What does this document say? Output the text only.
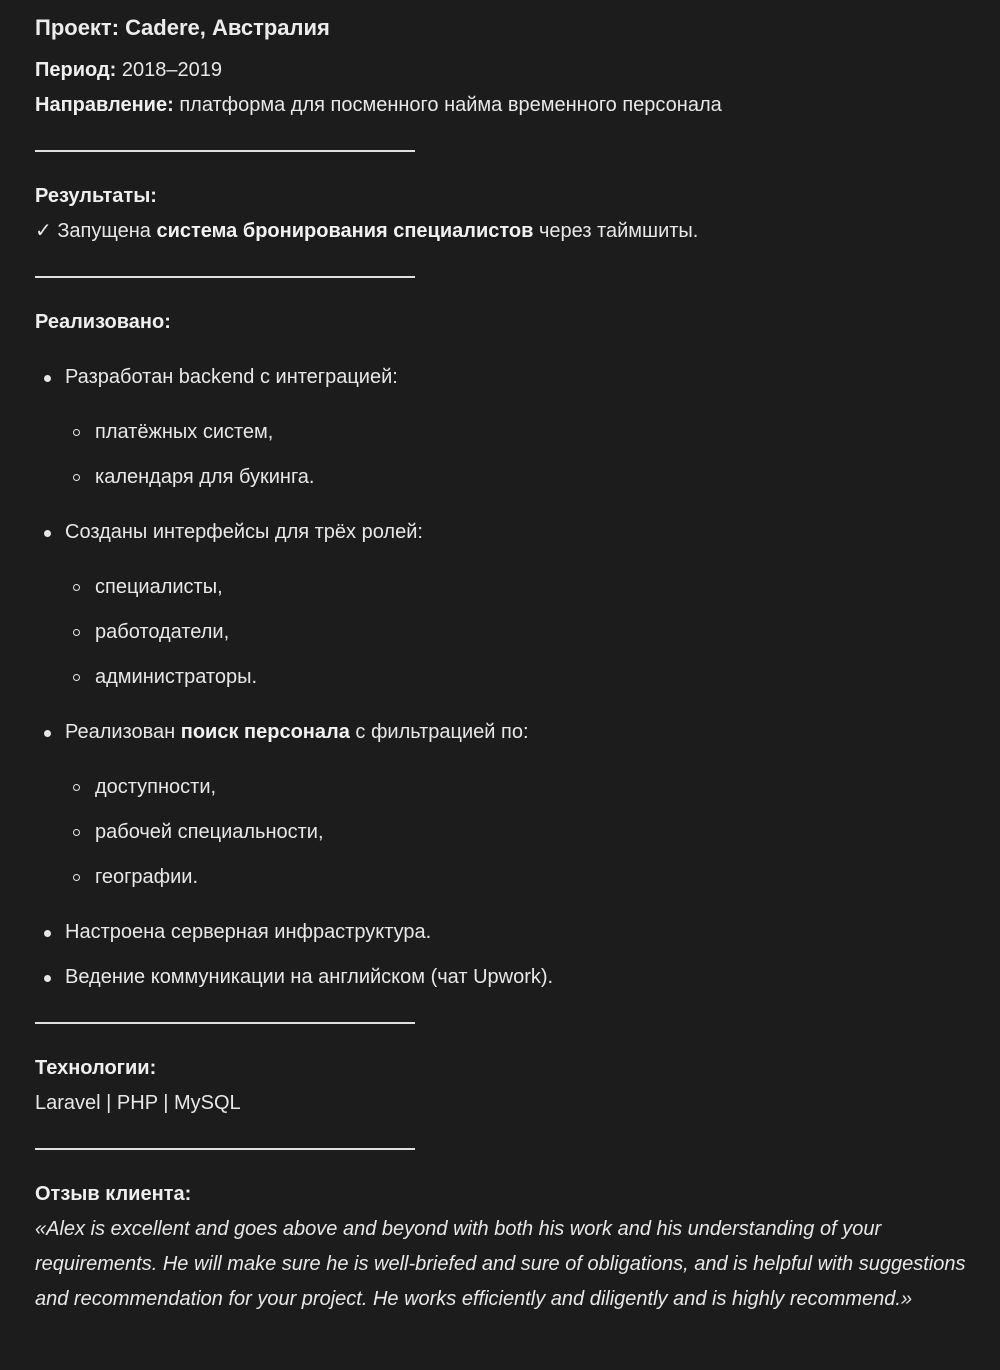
Проект: Cadere, Австралия

Период: 2018–2019

Направление: платформа для посменного найма временного персонала

Результаты:

✓ Запущена система бронирования специалистов через таймшиты.

Реализовано:

Разработан backend с интеграцией:
платёжных систем,
календаря для букинга.
Созданы интерфейсы для трёх ролей:
специалисты,
работодатели,
администраторы.
Реализован поиск персонала с фильтрацией по:
доступности,
рабочей специальности,
географии.
Настроена серверная инфраструктура.
Ведение коммуникации на английском (чат Upwork).

Технологии:

Laravel | PHP | MySQL

Отзыв клиента:

«Alex is excellent and goes above and beyond with both his work and his understanding of your requirements. He will make sure he is well-briefed and sure of obligations, and is helpful with suggestions and recommendation for your project. He works efficiently and diligently and is highly recommend.»
